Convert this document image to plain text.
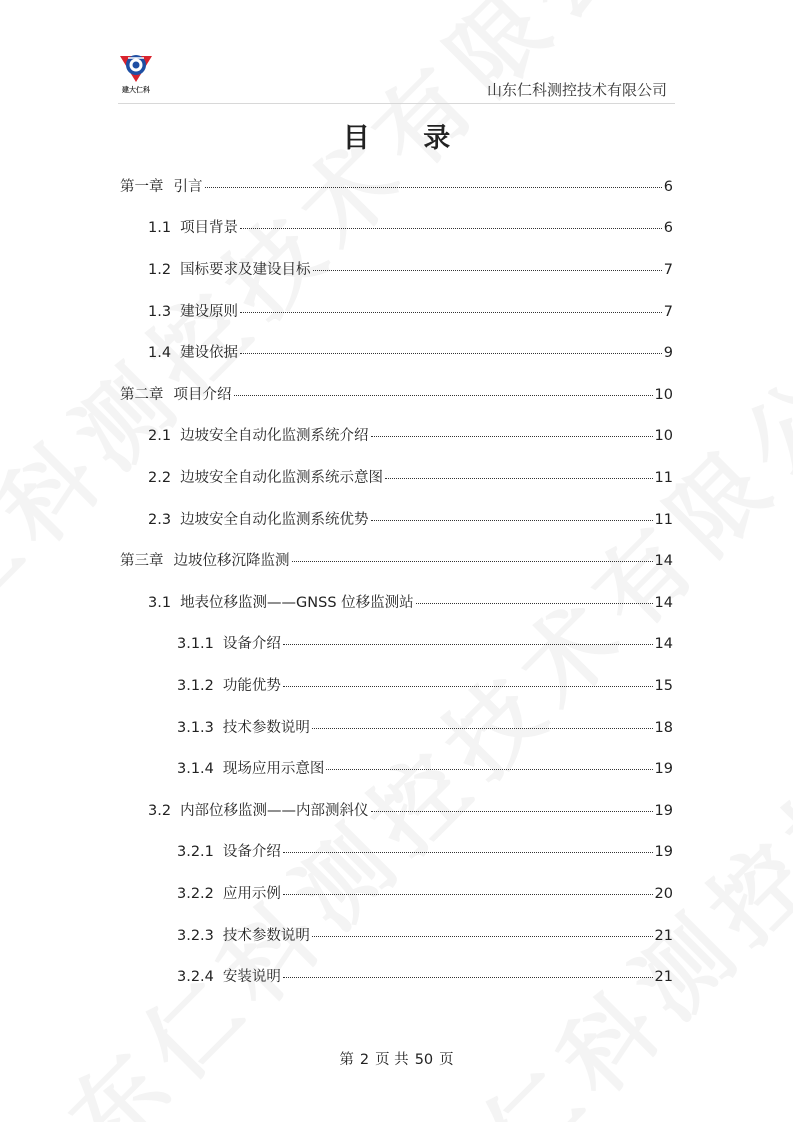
建大仁科	山东仁科测控技术有限公司
目 录
第一章 引言	6
1.1 项目背景	6
1.2 国标要求及建设目标	7
1.3 建设原则	7
1.4 建设依据	9
第二章 项目介绍	10
2.1 边坡安全自动化监测系统介绍	10
2.2 边坡安全自动化监测系统示意图	11
2.3 边坡安全自动化监测系统优势	11
第三章 边坡位移沉降监测	14
3.1 地表位移监测——GNSS 位移监测站	14
3.1.1 设备介绍	14
3.1.2 功能优势	15
3.1.3 技术参数说明	18
3.1.4 现场应用示意图	19
3.2 内部位移监测——内部测斜仪	19
3.2.1 设备介绍	19
3.2.2 应用示例	20
3.2.3 技术参数说明	21
3.2.4 安装说明	21
第 2 页 共 50 页
